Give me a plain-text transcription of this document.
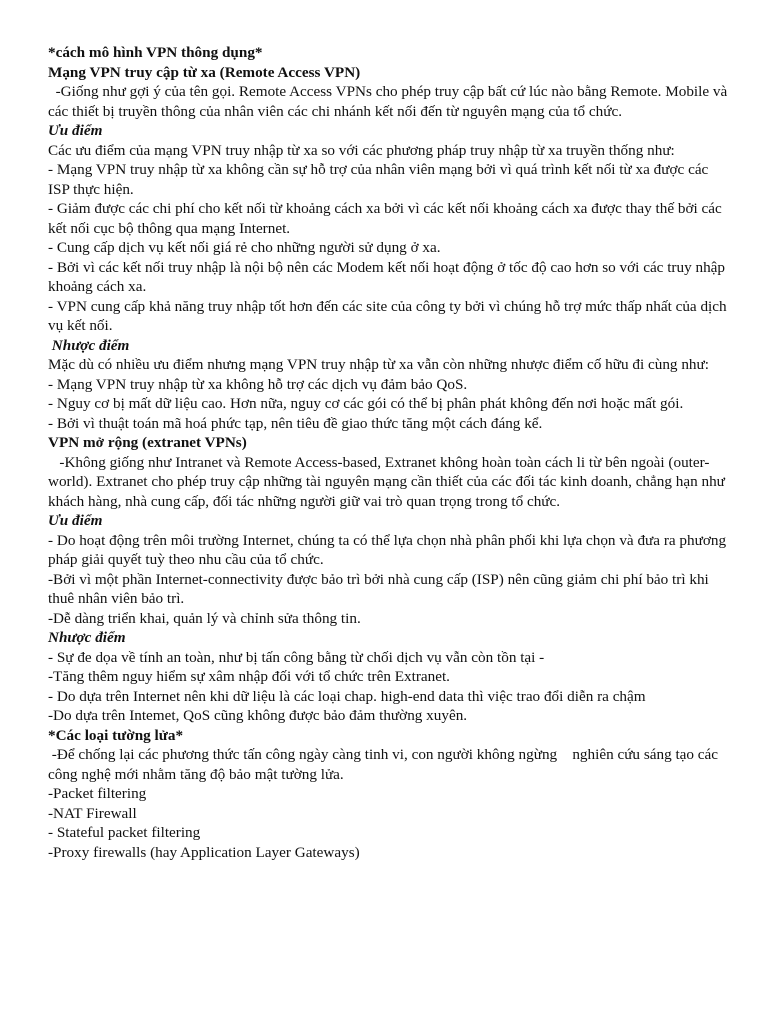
*cách mô hình VPN thông dụng*
Mạng VPN truy cập từ xa (Remote Access VPN)
-Giống như gợi ý của tên gọi. Remote Access VPNs cho phép truy cập bất cứ lúc nào bằng Remote. Mobile và các thiết bị truyền thông của nhân viên các chi nhánh kết nối đến từ nguyên mạng của tổ chức.
Ưu điểm
Các ưu điểm của mạng VPN truy nhập từ xa so với các phương pháp truy nhập từ xa truyền thống như:
- Mạng VPN truy nhập từ xa không cần sự hỗ trợ của nhân viên mạng bởi vì quá trình kết nối từ xa được các ISP thực hiện.
- Giảm được các chi phí cho kết nối từ khoảng cách xa bởi vì các kết nối khoảng cách xa được thay thế bởi các kết nối cục bộ thông qua mạng Internet.
- Cung cấp dịch vụ kết nối giá rẻ cho những người sử dụng ở xa.
- Bởi vì các kết nối truy nhập là nội bộ nên các Modem kết nối hoạt động ở tốc độ cao hơn so với các truy nhập khoảng cách xa.
- VPN cung cấp khả năng truy nhập tốt hơn đến các site của công ty bởi vì chúng hỗ trợ mức thấp nhất của dịch vụ kết nối.
Nhược điểm
Mặc dù có nhiều ưu điểm nhưng mạng VPN truy nhập từ xa vẫn còn những nhược điểm cố hữu đi cùng như:
- Mạng VPN truy nhập từ xa không hỗ trợ các dịch vụ đảm bảo QoS.
- Nguy cơ bị mất dữ liệu cao. Hơn nữa, nguy cơ các gói có thể bị phân phát không đến nơi hoặc mất gói.
- Bởi vì thuật toán mã hoá phức tạp, nên tiêu đề giao thức tăng một cách đáng kể.
VPN mở rộng (extranet VPNs)
-Không giống như Intranet và Remote Access-based, Extranet không hoàn toàn cách li từ bên ngoài (outer-world). Extranet cho phép truy cập những tài nguyên mạng cần thiết của các đối tác kinh doanh, chẳng hạn như khách hàng, nhà cung cấp, đối tác những người giữ vai trò quan trọng trong tổ chức.
Ưu điểm
- Do hoạt động trên môi trường Internet, chúng ta có thể lựa chọn nhà phân phối khi lựa chọn và đưa ra phương pháp giải quyết tuỳ theo nhu cầu của tổ chức.
-Bởi vì một phần Internet-connectivity được bảo trì bởi nhà cung cấp (ISP) nên cũng giảm chi phí bảo trì khi thuê nhân viên bảo trì.
-Dễ dàng triển khai, quản lý và chỉnh sửa thông tin.
Nhược điểm
- Sự đe dọa về tính an toàn, như bị tấn công bằng từ chối dịch vụ vẫn còn tồn tại -
-Tăng thêm nguy hiểm sự xâm nhập đối với tổ chức trên Extranet.
- Do dựa trên Internet nên khi dữ liệu là các loại chap. high-end data thì việc trao đổi diễn ra chậm
-Do dựa trên Intemet, QoS cũng không được bảo đảm thường xuyên.
*Các loại tường lửa*
-Để chống lại các phương thức tấn công ngày càng tinh vi, con người không ngừng    nghiên cứu sáng tạo các công nghệ mới nhằm tăng độ bảo mật tường lửa.
-Packet filtering
-NAT Firewall
- Stateful packet filtering
-Proxy firewalls (hay Application Layer Gateways)
